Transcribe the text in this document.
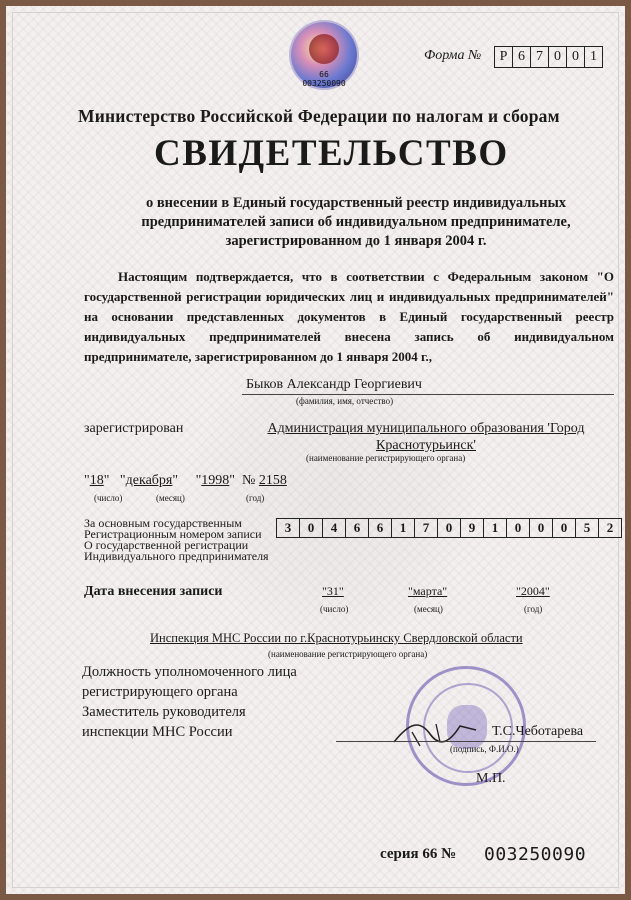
66 003250090
Форма №	Р 6 7 0 0 1
Министерство Российской Федерации по налогам и сборам
СВИДЕТЕЛЬСТВО
о внесении в Единый государственный реестр индивидуальных предпринимателей записи об индивидуальном предпринимателе, зарегистрированном до 1 января 2004 г.
Настоящим подтверждается, что в соответствии с Федеральным законом "О государственной регистрации юридических лиц и индивидуальных предпринимателей" на основании представленных документов в Единый государственный реестр индивидуальных предпринимателей внесена запись об индивидуальном предпринимателе, зарегистрированном до 1 января 2004 г.,
Быков Александр Георгиевич
(фамилия, имя, отчество)
зарегистрирован	Администрация муниципального образования 'Город Краснотурьинск'
(наименование регистрирующего органа)
"18"   "декабря"     "1998"  № 2158
(число)	(месяц)	(год)
За основным государственным
Регистрационным номером записи
О государственной регистрации
Индивидуального предпринимателя
3	0	4	6	6	1	7	0	9	1	0	0	0	5	2
Дата внесения записи	"31"	"марта"	"2004"
(число)	(месяц)	(год)
Инспекция МНС России по г.Краснотурьинску Свердловской области
(наименование регистрирующего органа)
Должность уполномоченного лица
регистрирующего органа
Заместитель руководителя
инспекции МНС России	Т.С.Чеботарева
(подпись, Ф.И.О.)
М.П.
серия 66 № 003250090
